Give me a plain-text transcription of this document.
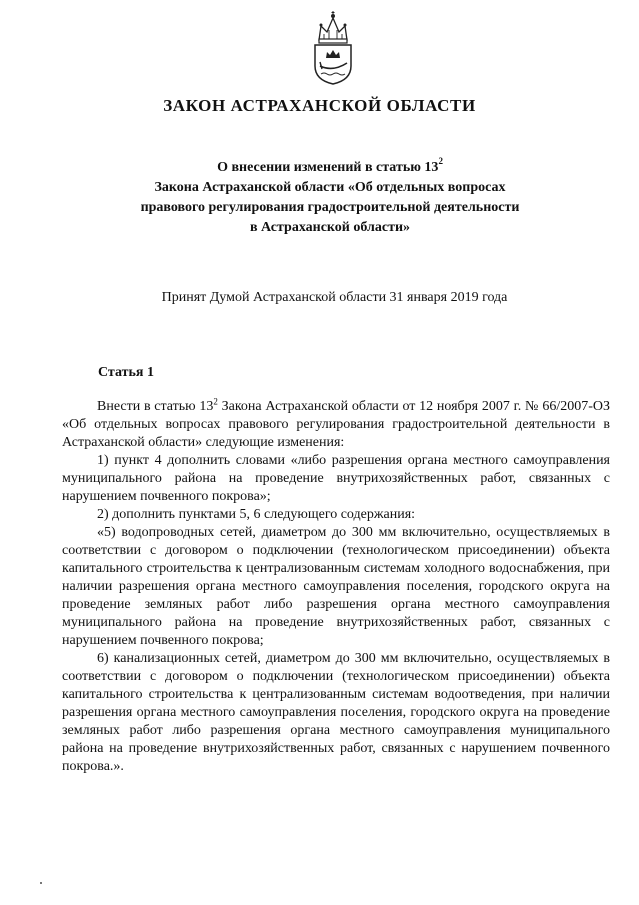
ЗАКОН АСТРАХАНСКОЙ ОБЛАСТИ
О внесении изменений в статью $13^2$
Закона Астраханской области «Об отдельных вопросах
правового регулирования градостроительной деятельности
в Астраханской области»
Принят Думой Астраханской области 31 января 2019 года
Статья 1

Внести в статью $13^2$ Закона Астраханской области от 12 ноября 2007 г. № 66/2007-ОЗ «Об отдельных вопросах правового регулирования градостроительной деятельности в Астраханской области» следующие изменения:

1) пункт 4 дополнить словами «либо разрешения органа местного самоуправления муниципального района на проведение внутрихозяйственных работ, связанных с нарушением почвенного покрова»;

2) дополнить пунктами 5, 6 следующего содержания:

«5) водопроводных сетей, диаметром до 300 мм включительно, осуществляемых в соответствии с договором о подключении (технологическом присоединении) объекта капитального строительства к централизованным системам холодного водоснабжения, при наличии разрешения органа местного самоуправления поселения, городского округа на проведение земляных работ либо разрешения органа местного самоуправления муниципального района на проведение внутрихозяйственных работ, связанных с нарушением почвенного покрова;

6) канализационных сетей, диаметром до 300 мм включительно, осуществляемых в соответствии с договором о подключении (технологическом присоединении) объекта капитального строительства к централизованным системам водоотведения, при наличии разрешения органа местного самоуправления поселения, городского округа на проведение земляных работ либо разрешения органа местного самоуправления муниципального района на проведение внутрихозяйственных работ, связанных с нарушением почвенного покрова.».
